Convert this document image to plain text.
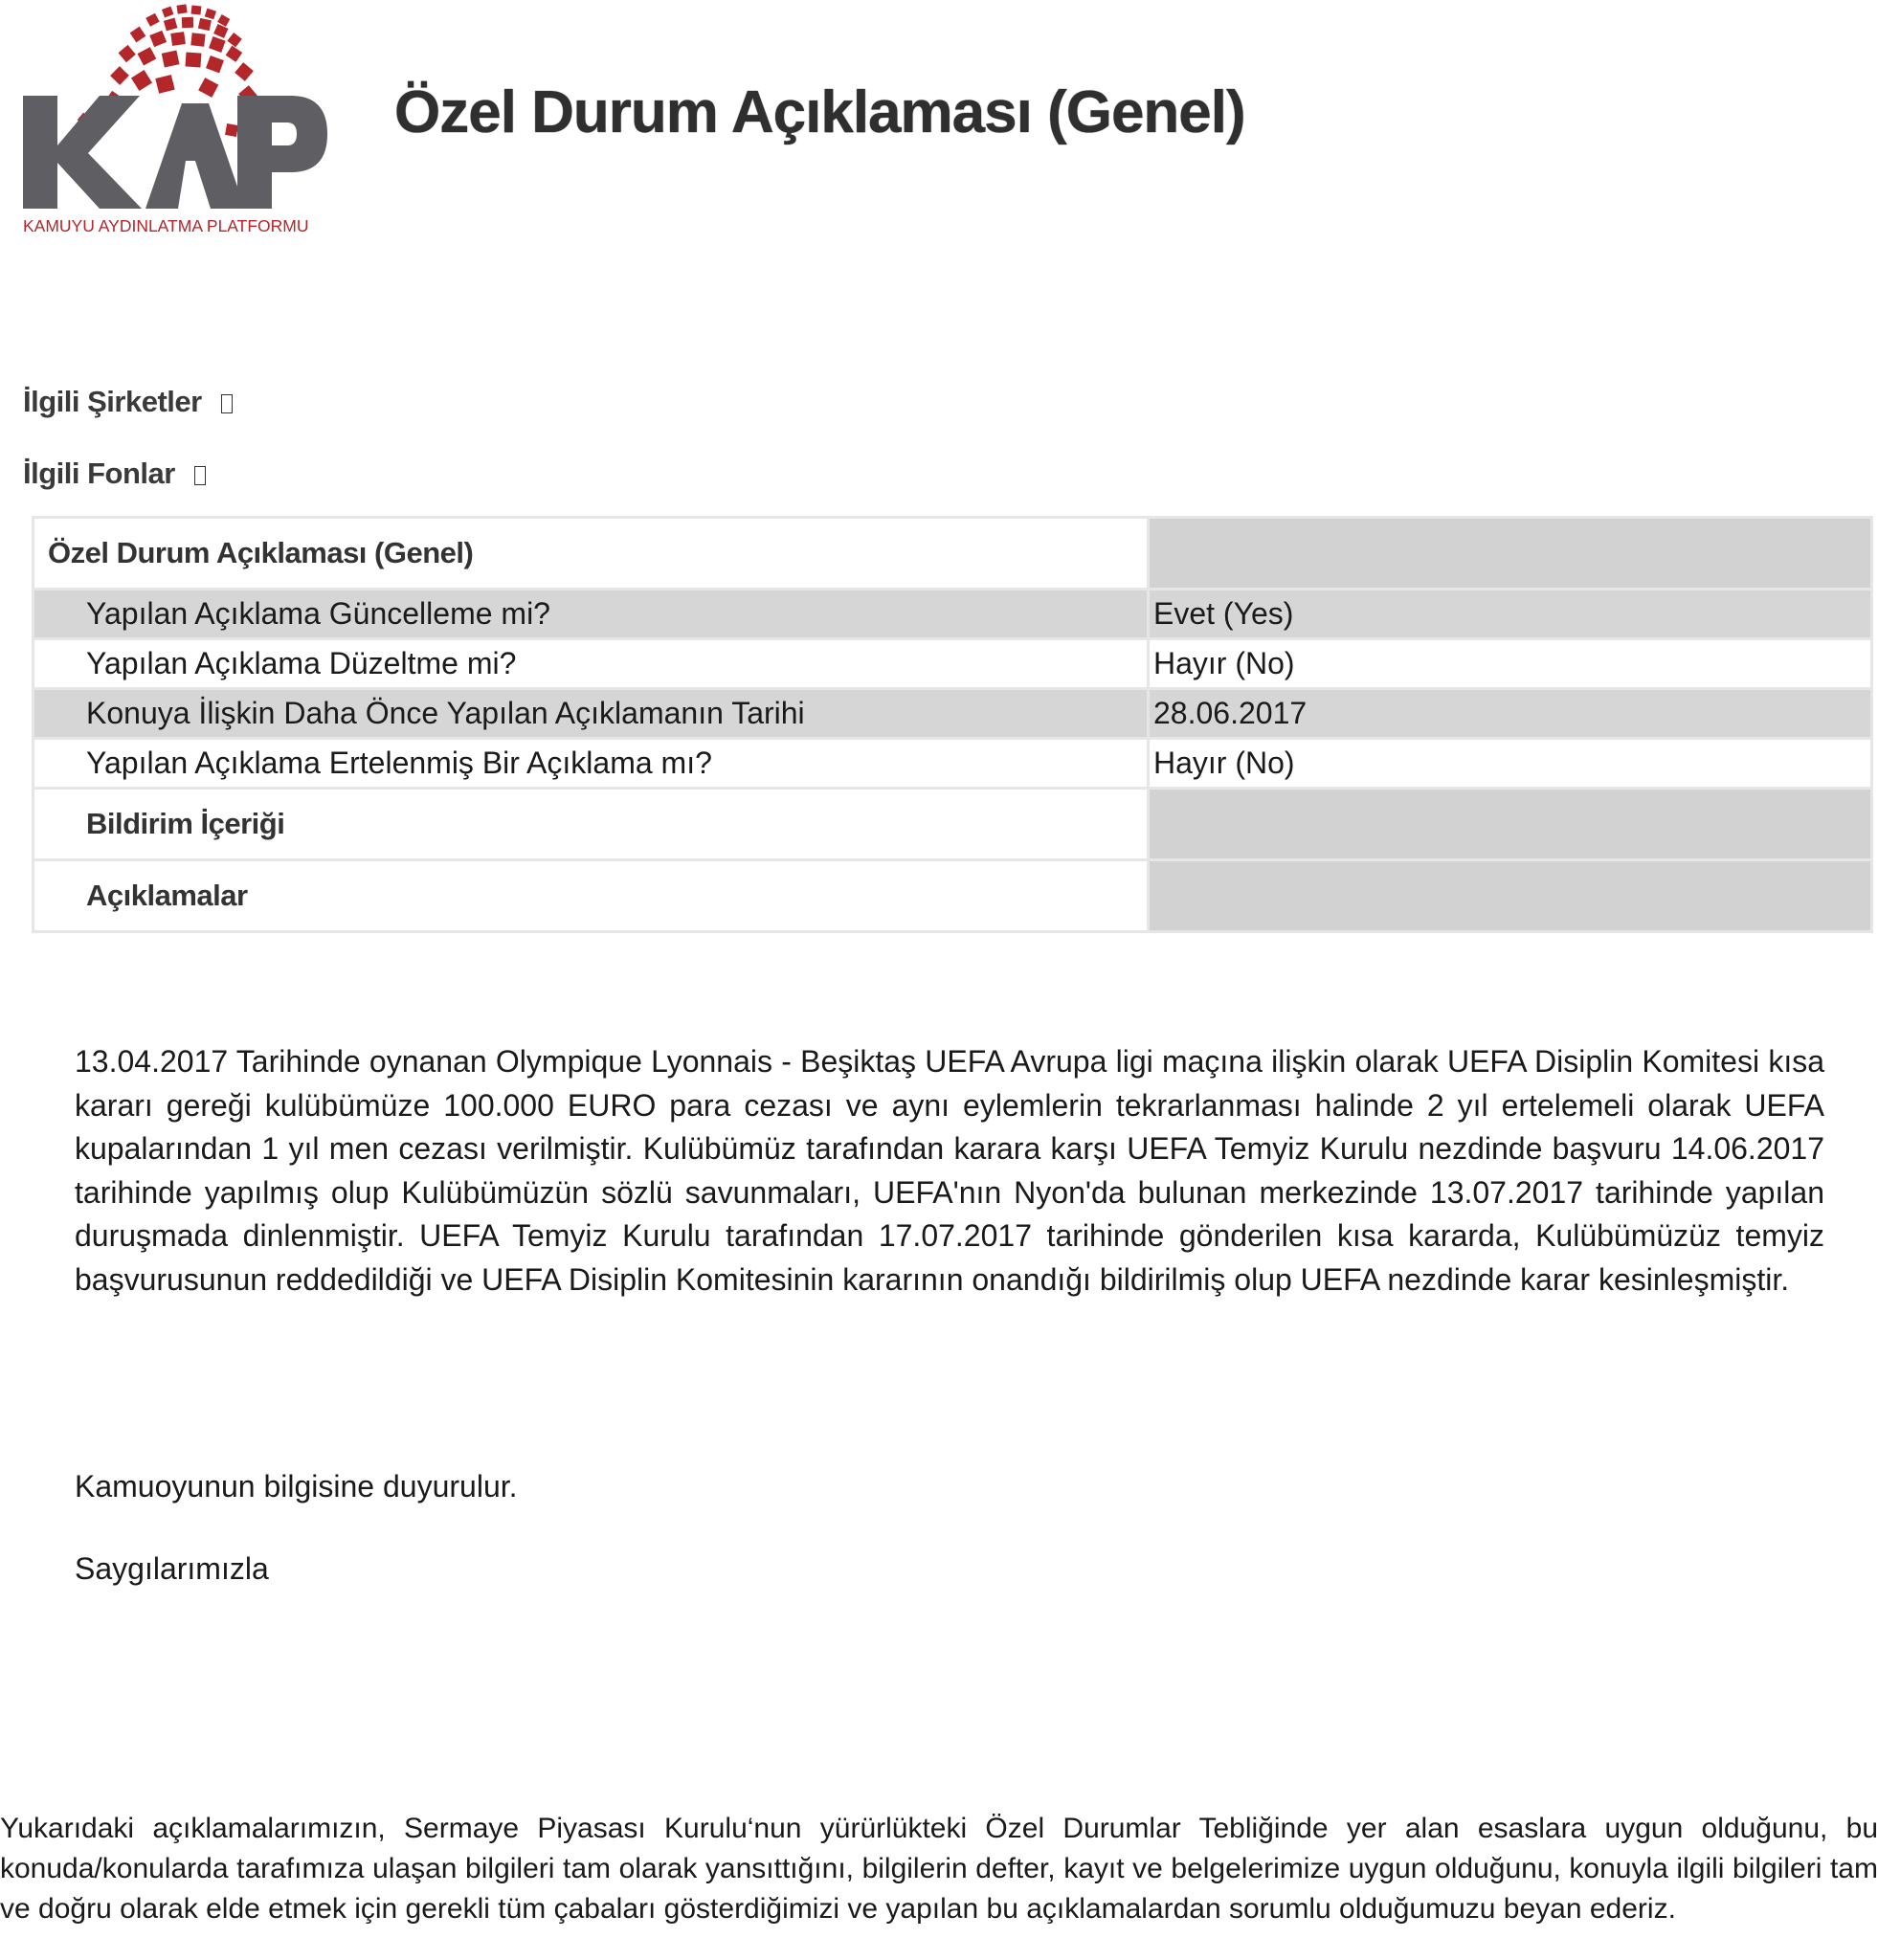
KAMUYU AYDINLATMA PLATFORMU
Özel Durum Açıklaması (Genel)
İlgili Şirketler
İlgili Fonlar
Özel Durum Açıklaması (Genel)	
Yapılan Açıklama Güncelleme mi?	Evet (Yes)
Yapılan Açıklama Düzeltme mi?	Hayır (No)
Konuya İlişkin Daha Önce Yapılan Açıklamanın Tarihi	28.06.2017
Yapılan Açıklama Ertelenmiş Bir Açıklama mı?	Hayır (No)
Bildirim İçeriği	
Açıklamalar	

13.04.2017 Tarihinde oynanan Olympique Lyonnais - Beşiktaş UEFA Avrupa ligi maçına ilişkin olarak UEFA Disiplin Komitesi kısa kararı gereği kulübümüze 100.000 EURO para cezası ve aynı eylemlerin tekrarlanması halinde 2 yıl ertelemeli olarak UEFA kupalarından 1 yıl men cezası verilmiştir. Kulübümüz tarafından karara karşı UEFA Temyiz Kurulu nezdinde başvuru 14.06.2017 tarihinde yapılmış olup Kulübümüzün sözlü savunmaları, UEFA'nın Nyon'da bulunan merkezinde 13.07.2017 tarihinde yapılan duruşmada dinlenmiştir. UEFA Temyiz Kurulu tarafından 17.07.2017 tarihinde gönderilen kısa kararda, Kulübümüzüz temyiz başvurusunun reddedildiği ve UEFA Disiplin Komitesinin kararının onandığı bildirilmiş olup UEFA nezdinde karar kesinleşmiştir.

Kamuoyunun bilgisine duyurulur.

Saygılarımızla

Yukarıdaki açıklamalarımızın, Sermaye Piyasası Kurulu‘nun yürürlükteki Özel Durumlar Tebliğinde yer alan esaslara uygun olduğunu, bu konuda/konularda tarafımıza ulaşan bilgileri tam olarak yansıttığını, bilgilerin defter, kayıt ve belgelerimize uygun olduğunu, konuyla ilgili bilgileri tam ve doğru olarak elde etmek için gerekli tüm çabaları gösterdiğimizi ve yapılan bu açıklamalardan sorumlu olduğumuzu beyan ederiz.
